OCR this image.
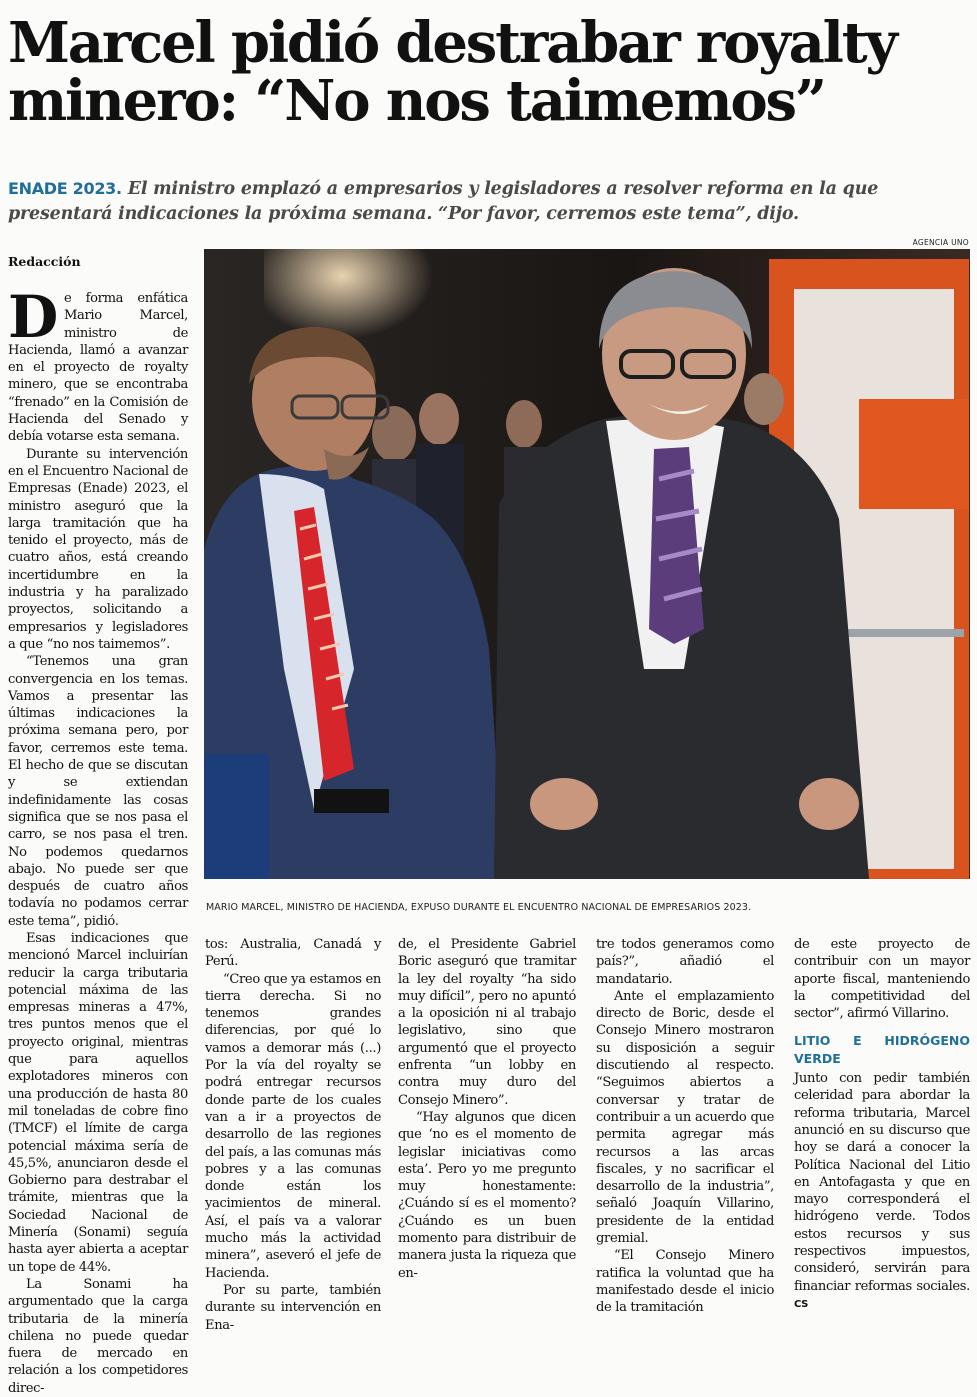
Marcel pidió destrabar royalty
minero: “No nos taimemos”
ENADE 2023. El ministro emplazó a empresarios y legisladores a resolver reforma en la que presentará indicaciones la próxima semana. “Por favor, cerremos este tema”, dijo.
Redacción

De forma enfática Mario Marcel, ministro de Hacienda, llamó a avanzar en el proyecto de royalty minero, que se encontraba “frenado” en la Comisión de Hacienda del Senado y debía votarse esta semana.

Durante su intervención en el Encuentro Nacional de Empresas (Enade) 2023, el ministro aseguró que la larga tramitación que ha tenido el proyecto, más de cuatro años, está creando incertidumbre en la industria y ha paralizado proyectos, solicitando a empresarios y legisladores a que “no nos taimemos”.

“Tenemos una gran convergencia en los temas. Vamos a presentar las últimas indicaciones la próxima semana pero, por favor, cerremos este tema. El hecho de que se discutan y se extiendan indefinidamente las cosas significa que se nos pasa el carro, se nos pasa el tren. No podemos quedarnos abajo. No puede ser que después de cuatro años todavía no podamos cerrar este tema”, pidió.

Esas indicaciones que mencionó Marcel incluirían reducir la carga tributaria potencial máxima de las empresas mineras a 47%, tres puntos menos que el proyecto original, mientras que para aquellos explotadores mineros con una producción de hasta 80 mil toneladas de cobre fino (TMCF) el límite de carga potencial máxima sería de 45,5%, anunciaron desde el Gobierno para destrabar el trámite, mientras que la Sociedad Nacional de Minería (Sonami) seguía hasta ayer abierta a aceptar un tope de 44%.

La Sonami ha argumentado que la carga tributaria de la minería chilena no puede quedar fuera de mercado en relación a los competidores direc-

AGENCIA UNO
MARIO MARCEL, MINISTRO DE HACIENDA, EXPUSO DURANTE EL ENCUENTRO NACIONAL DE EMPRESARIOS 2023.

tos: Australia, Canadá y Perú.

“Creo que ya estamos en tierra derecha. Si no tenemos grandes diferencias, por qué lo vamos a demorar más (...) Por la vía del royalty se podrá entregar recursos donde parte de los cuales van a ir a proyectos de desarrollo de las regiones del país, a las comunas más pobres y a las comunas donde están los yacimientos de mineral. Así, el país va a valorar mucho más la actividad minera”, aseveró el jefe de Hacienda.

Por su parte, también durante su intervención en Ena-

de, el Presidente Gabriel Boric aseguró que tramitar la ley del royalty “ha sido muy difícil”, pero no apuntó a la oposición ni al trabajo legislativo, sino que argumentó que el proyecto enfrenta “un lobby en contra muy duro del Consejo Minero”.

“Hay algunos que dicen que ‘no es el momento de legislar iniciativas como esta’. Pero yo me pregunto muy honestamente: ¿Cuándo sí es el momento? ¿Cuándo es un buen momento para distribuir de manera justa la riqueza que en-

tre todos generamos como país?”, añadió el mandatario.

Ante el emplazamiento directo de Boric, desde el Consejo Minero mostraron su disposición a seguir discutiendo al respecto. “Seguimos abiertos a conversar y tratar de contribuir a un acuerdo que permita agregar más recursos a las arcas fiscales, y no sacrificar el desarrollo de la industria”, señaló Joaquín Villarino, presidente de la entidad gremial.

“El Consejo Minero ratifica la voluntad que ha manifestado desde el inicio de la tramitación

de este proyecto de contribuir con un mayor aporte fiscal, manteniendo la competitividad del sector”, afirmó Villarino.

LITIO E HIDRÓGENO VERDE

Junto con pedir también celeridad para abordar la reforma tributaria, Marcel anunció en su discurso que hoy se dará a conocer la Política Nacional del Litio en Antofagasta y que en mayo corresponderá el hidrógeno verde. Todos estos recursos y sus respectivos impuestos, consideró, servirán para financiar reformas sociales. CS
